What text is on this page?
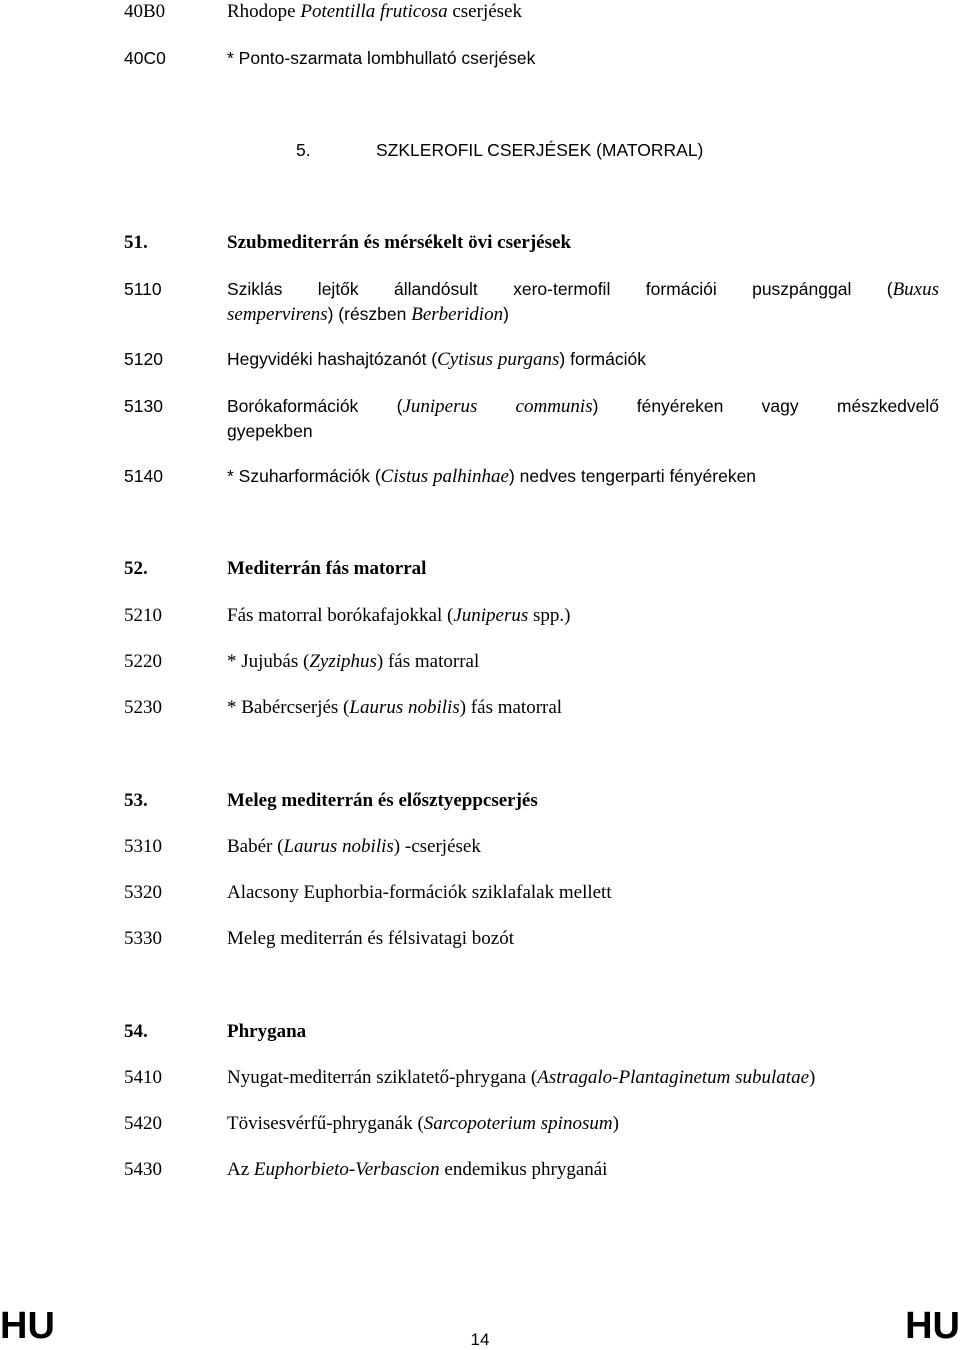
40B0	Rhodope Potentilla fruticosa cserjések
40C0	* Ponto-szarmata lombhullató cserjések
5.	SZKLEROFIL CSERJÉSEK (MATORRAL)
51.	Szubmediterrán és mérsékelt övi cserjések
5110	Sziklás lejtők állandósult xero-termofil formációi puszpánggal (Buxus
sempervirens) (részben Berberidion)
5120	Hegyvidéki hashajtózanót (Cytisus purgans) formációk
5130	Borókaformációk (Juniperus communis) fényéreken vagy mészkedvelő
gyepekben
5140	* Szuharformációk (Cistus palhinhae) nedves tengerparti fényéreken
52.	Mediterrán fás matorral
5210	Fás matorral borókafajokkal (Juniperus spp.)
5220	* Jujubás (Zyziphus) fás matorral
5230	* Babércserjés (Laurus nobilis) fás matorral
53.	Meleg mediterrán és elősztyeppcserjés
5310	Babér (Laurus nobilis) -cserjések
5320	Alacsony Euphorbia-formációk sziklafalak mellett
5330	Meleg mediterrán és félsivatagi bozót
54.	Phrygana
5410	Nyugat-mediterrán sziklatető-phrygana (Astragalo-Plantaginetum subulatae)
5420	Tövisesvérfű-phryganák (Sarcopoterium spinosum)
5430	Az Euphorbieto-Verbascion endemikus phryganái
HU	14	HU
